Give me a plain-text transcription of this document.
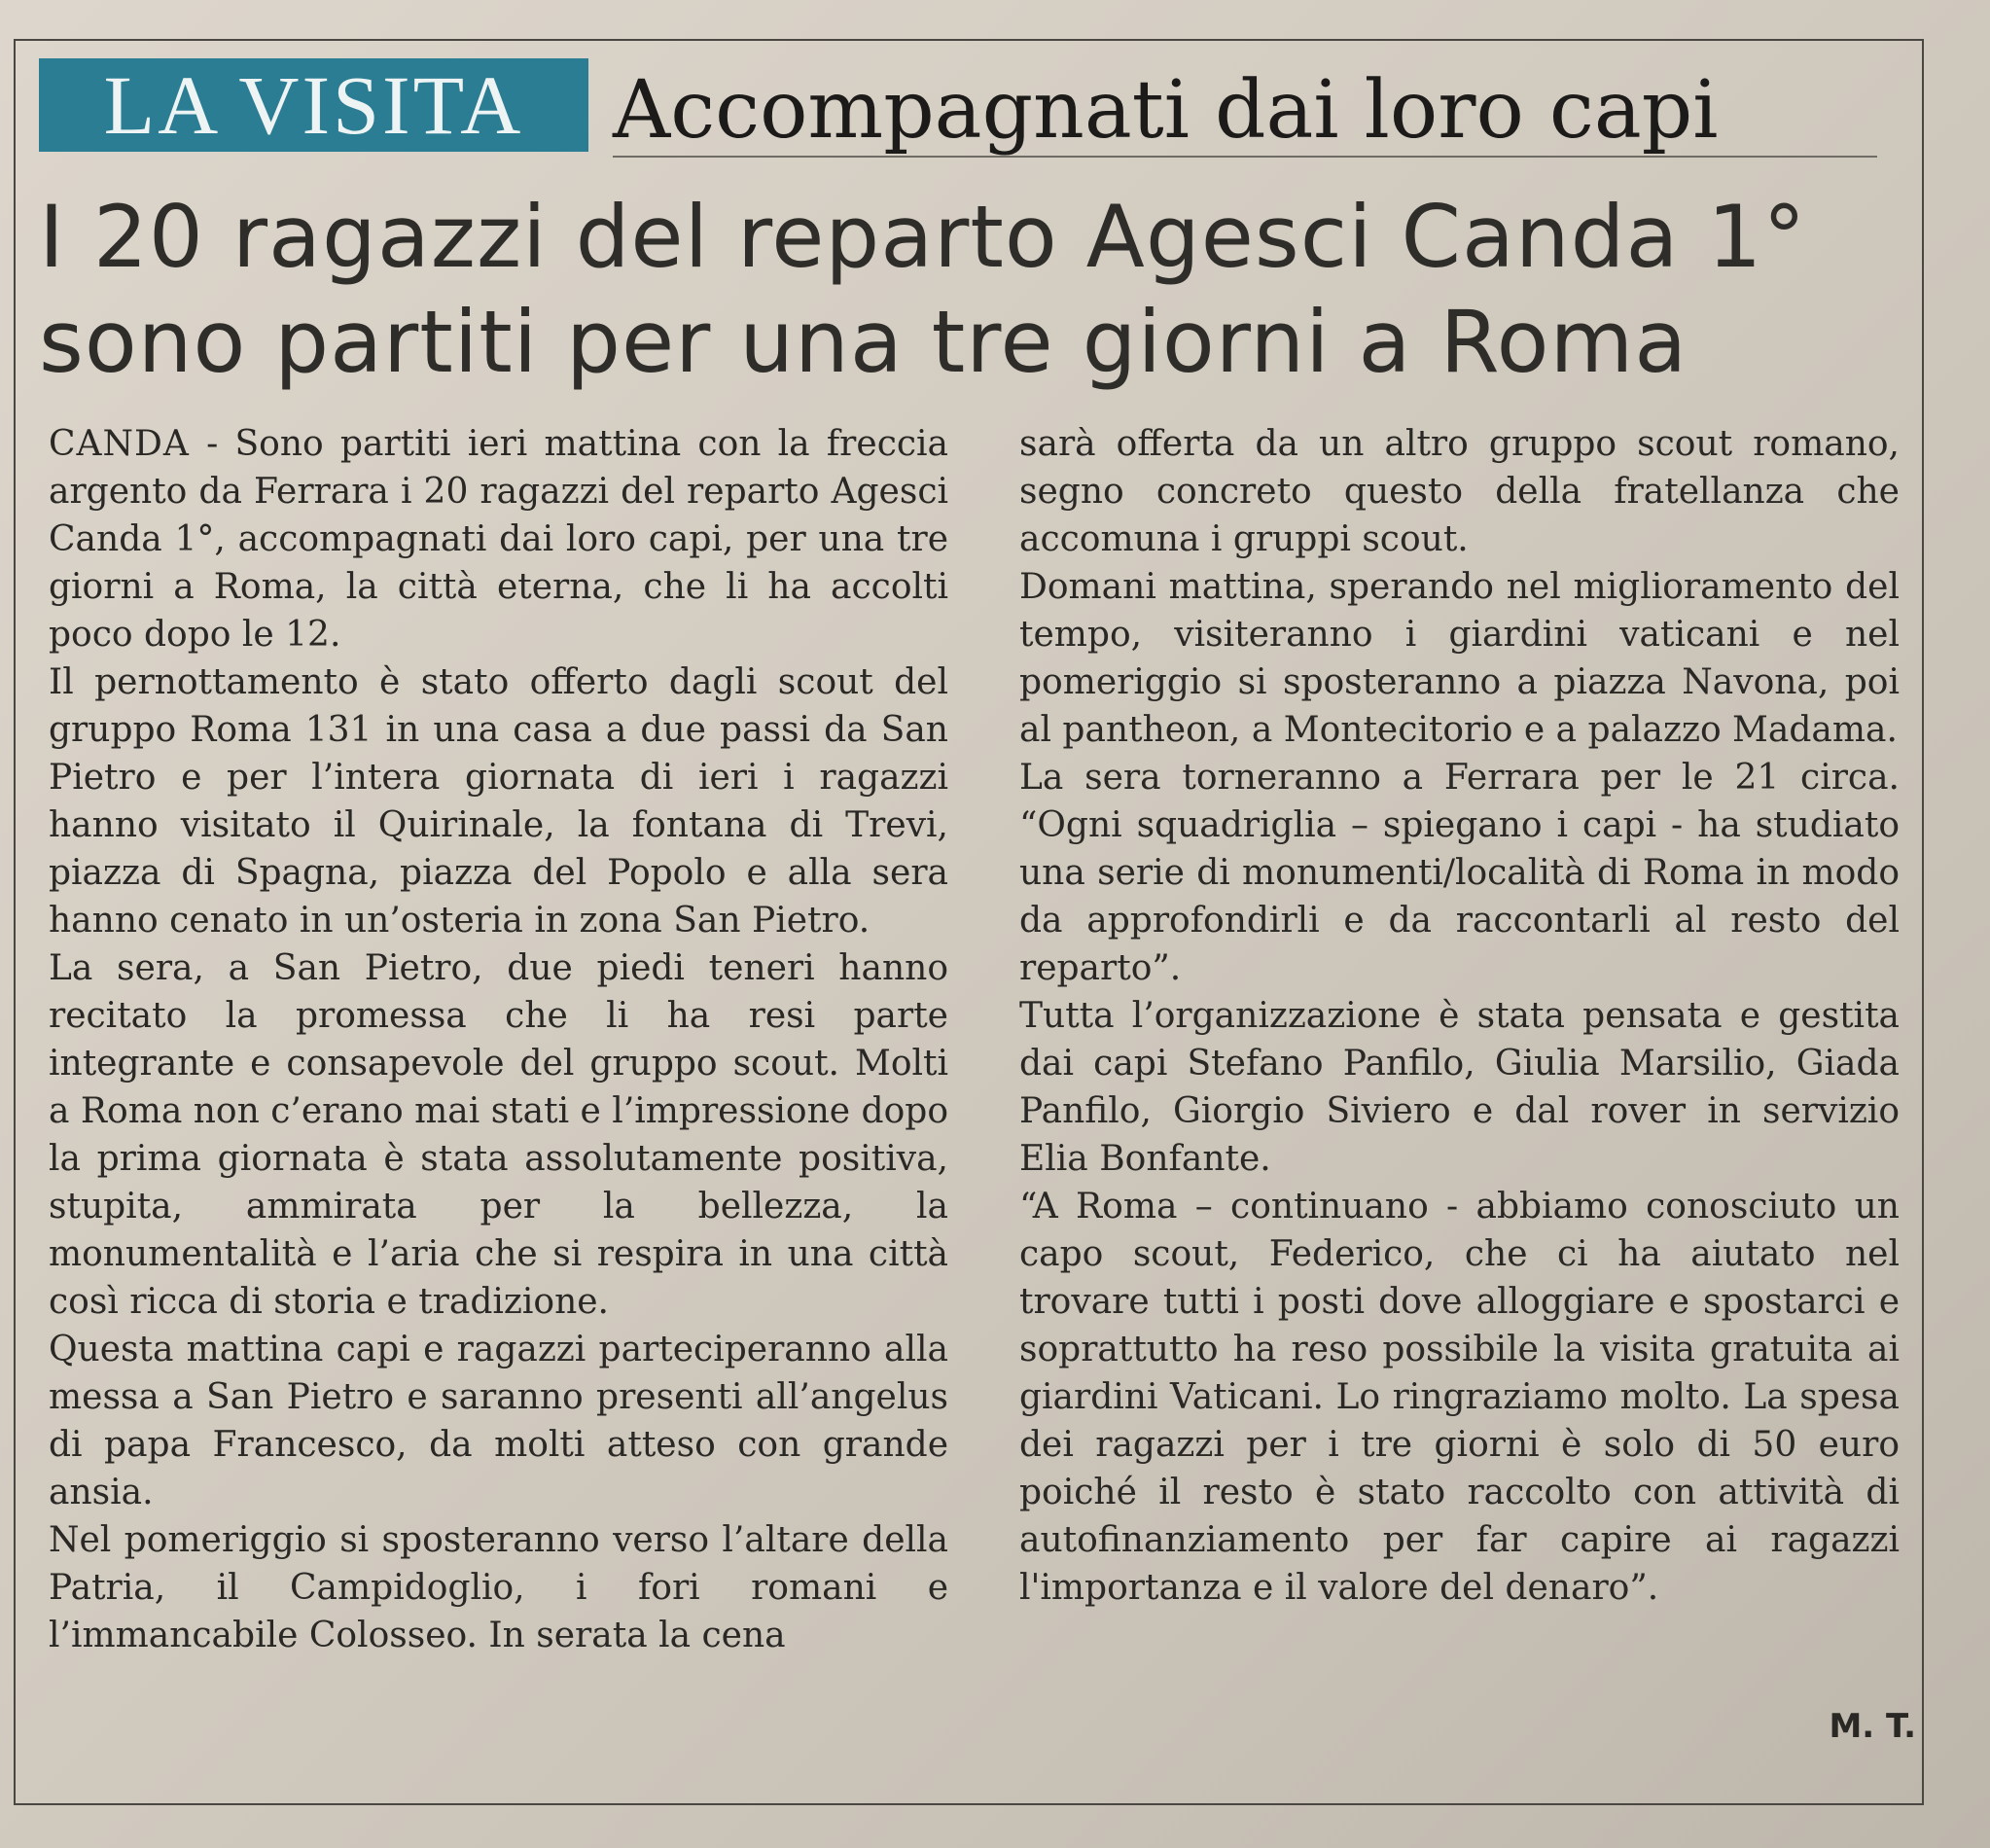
LA VISITA	Accompagnati dai loro capi
I 20 ragazzi del reparto Agesci Canda 1°
sono partiti per una tre giorni a Roma

CANDA - Sono partiti ieri mattina con la freccia argento da Ferrara i 20 ragazzi del reparto Agesci Canda 1°, accompagnati dai loro capi, per una tre giorni a Roma, la città eterna, che li ha accolti poco dopo le 12.

Il pernottamento è stato offerto dagli scout del gruppo Roma 131 in una casa a due passi da San Pietro e per l’intera giornata di ieri i ragazzi hanno visitato il Quirinale, la fontana di Trevi, piazza di Spagna, piazza del Popolo e alla sera hanno cenato in un’osteria in zona San Pietro.

La sera, a San Pietro, due piedi teneri hanno recitato la promessa che li ha resi parte integrante e consapevole del gruppo scout. Molti a Roma non c’erano mai stati e l’impressione dopo la prima giornata è stata assolutamente positiva, stupita, ammirata per la bellezza, la monumentalità e l’aria che si respira in una città così ricca di storia e tradizione.

Questa mattina capi e ragazzi parteciperanno alla messa a San Pietro e saranno presenti all’angelus di papa Francesco, da molti atteso con grande ansia.

Nel pomeriggio si sposteranno verso l’altare della Patria, il Campidoglio, i fori romani e l’immancabile Colosseo. In serata la cena

sarà offerta da un altro gruppo scout romano, segno concreto questo della fratellanza che accomuna i gruppi scout.

Domani mattina, sperando nel miglioramento del tempo, visiteranno i giardini vaticani e nel pomeriggio si sposteranno a piazza Navona, poi al pantheon, a Montecitorio e a palazzo Madama.

La sera torneranno a Ferrara per le 21 circa. “Ogni squadriglia – spiegano i capi - ha studiato una serie di monumenti/località di Roma in modo da approfondirli e da raccontarli al resto del reparto”.

Tutta l’organizzazione è stata pensata e gestita dai capi Stefano Panfilo, Giulia Marsilio, Giada Panfilo, Giorgio Siviero e dal rover in servizio Elia Bonfante.

“A Roma – continuano - abbiamo conosciuto un capo scout, Federico, che ci ha aiutato nel trovare tutti i posti dove alloggiare e spostarci e soprattutto ha reso possibile la visita gratuita ai giardini Vaticani. Lo ringraziamo molto. La spesa dei ragazzi per i tre giorni è solo di 50 euro poiché il resto è stato raccolto con attività di autofinanziamento per far capire ai ragazzi l'importanza e il valore del denaro”.

M. T.
